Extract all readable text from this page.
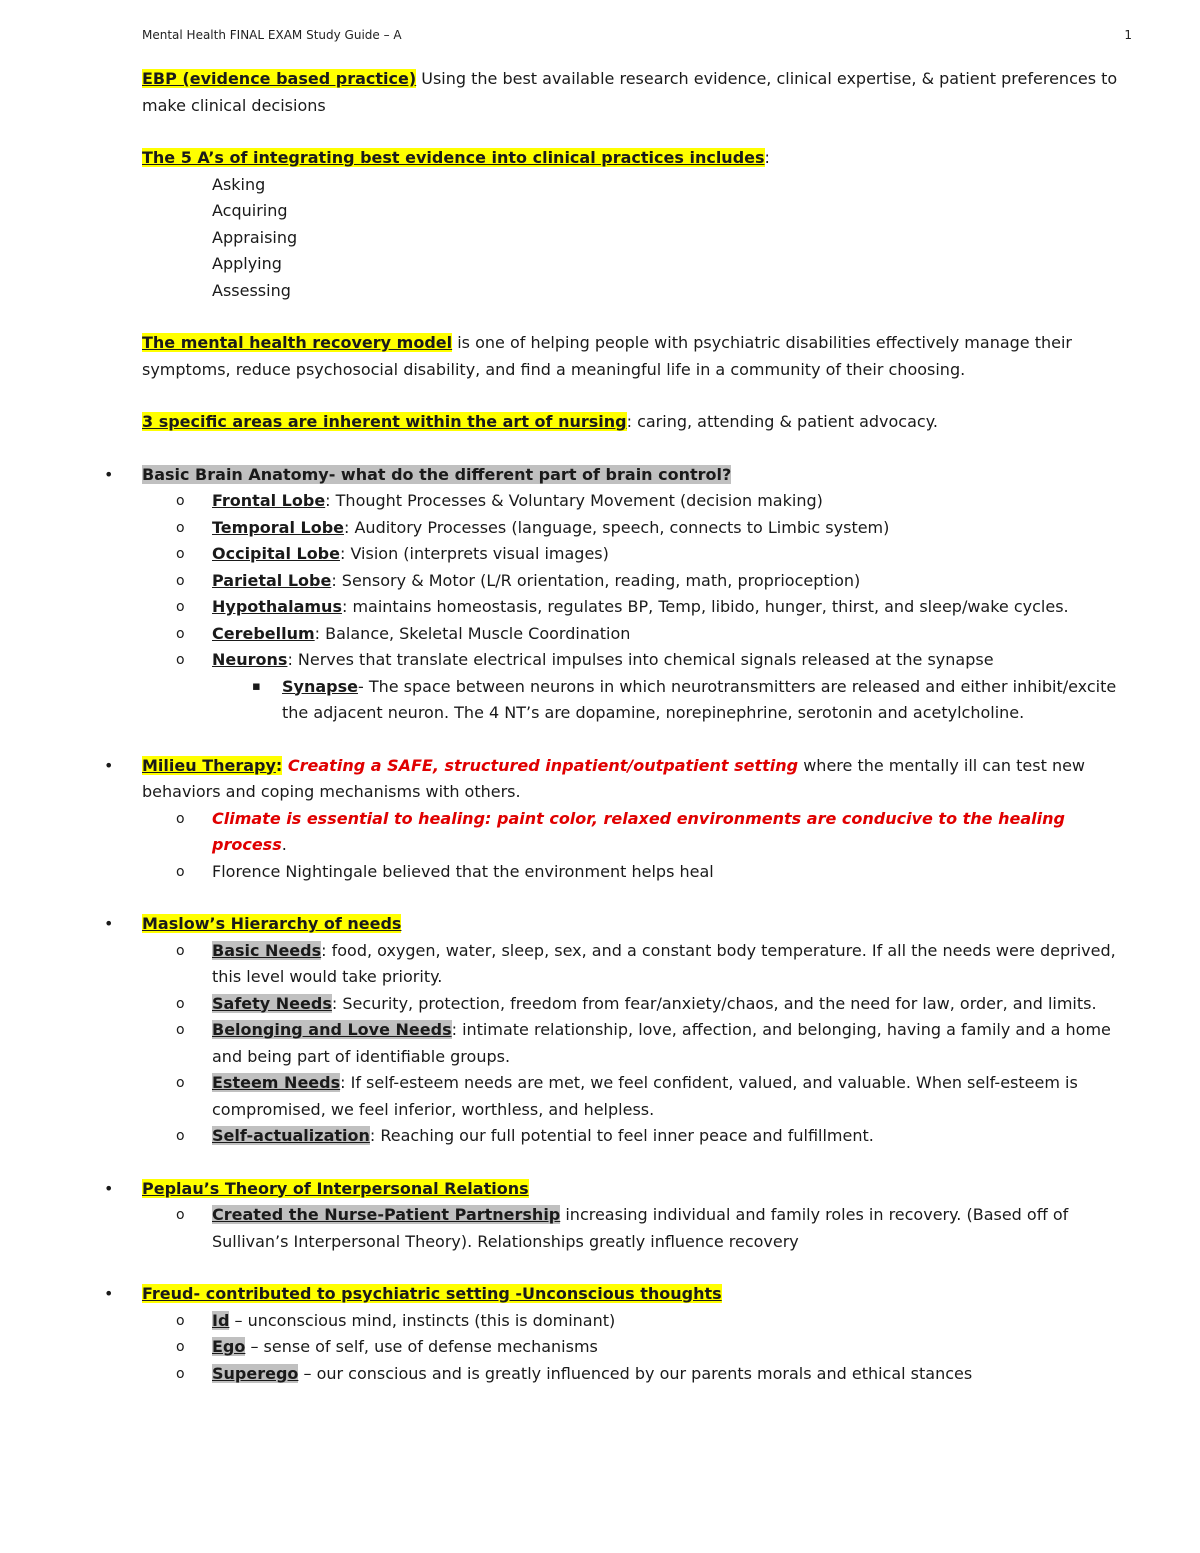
Mental Health FINAL EXAM Study Guide – A	1

EBP (evidence based practice) Using the best available research evidence, clinical expertise, & patient preferences to make clinical decisions

The 5 A’s of integrating best evidence into clinical practices includes:

Asking
Acquiring
Appraising
Applying
Assessing

The mental health recovery model is one of helping people with psychiatric disabilities effectively manage their symptoms, reduce psychosocial disability, and find a meaningful life in a community of their choosing.

3 specific areas are inherent within the art of nursing: caring, attending & patient advocacy.

• Basic Brain Anatomy- what do the different part of brain control?
o Frontal Lobe: Thought Processes & Voluntary Movement (decision making)
o Temporal Lobe: Auditory Processes (language, speech, connects to Limbic system)
o Occipital Lobe: Vision (interprets visual images)
o Parietal Lobe: Sensory & Motor (L/R orientation, reading, math, proprioception)
o Hypothalamus: maintains homeostasis, regulates BP, Temp, libido, hunger, thirst, and sleep/wake cycles.
o Cerebellum: Balance, Skeletal Muscle Coordination
o Neurons: Nerves that translate electrical impulses into chemical signals released at the synapse
▪ Synapse- The space between neurons in which neurotransmitters are released and either inhibit/excite the adjacent neuron. The 4 NT’s are dopamine, norepinephrine, serotonin and acetylcholine.
• Milieu Therapy: Creating a SAFE, structured inpatient/outpatient setting where the mentally ill can test new behaviors and coping mechanisms with others.
o Climate is essential to healing: paint color, relaxed environments are conducive to the healing process.
o Florence Nightingale believed that the environment helps heal
• Maslow’s Hierarchy of needs
o Basic Needs: food, oxygen, water, sleep, sex, and a constant body temperature. If all the needs were deprived, this level would take priority.
o Safety Needs: Security, protection, freedom from fear/anxiety/chaos, and the need for law, order, and limits.
o Belonging and Love Needs: intimate relationship, love, affection, and belonging, having a family and a home and being part of identifiable groups.
o Esteem Needs: If self-esteem needs are met, we feel confident, valued, and valuable. When self-esteem is compromised, we feel inferior, worthless, and helpless.
o Self-actualization: Reaching our full potential to feel inner peace and fulfillment.
• Peplau’s Theory of Interpersonal Relations
o Created the Nurse-Patient Partnership increasing individual and family roles in recovery. (Based off of Sullivan’s Interpersonal Theory). Relationships greatly influence recovery
• Freud- contributed to psychiatric setting -Unconscious thoughts
o Id – unconscious mind, instincts (this is dominant)
o Ego – sense of self, use of defense mechanisms
o Superego – our conscious and is greatly influenced by our parents morals and ethical stances
